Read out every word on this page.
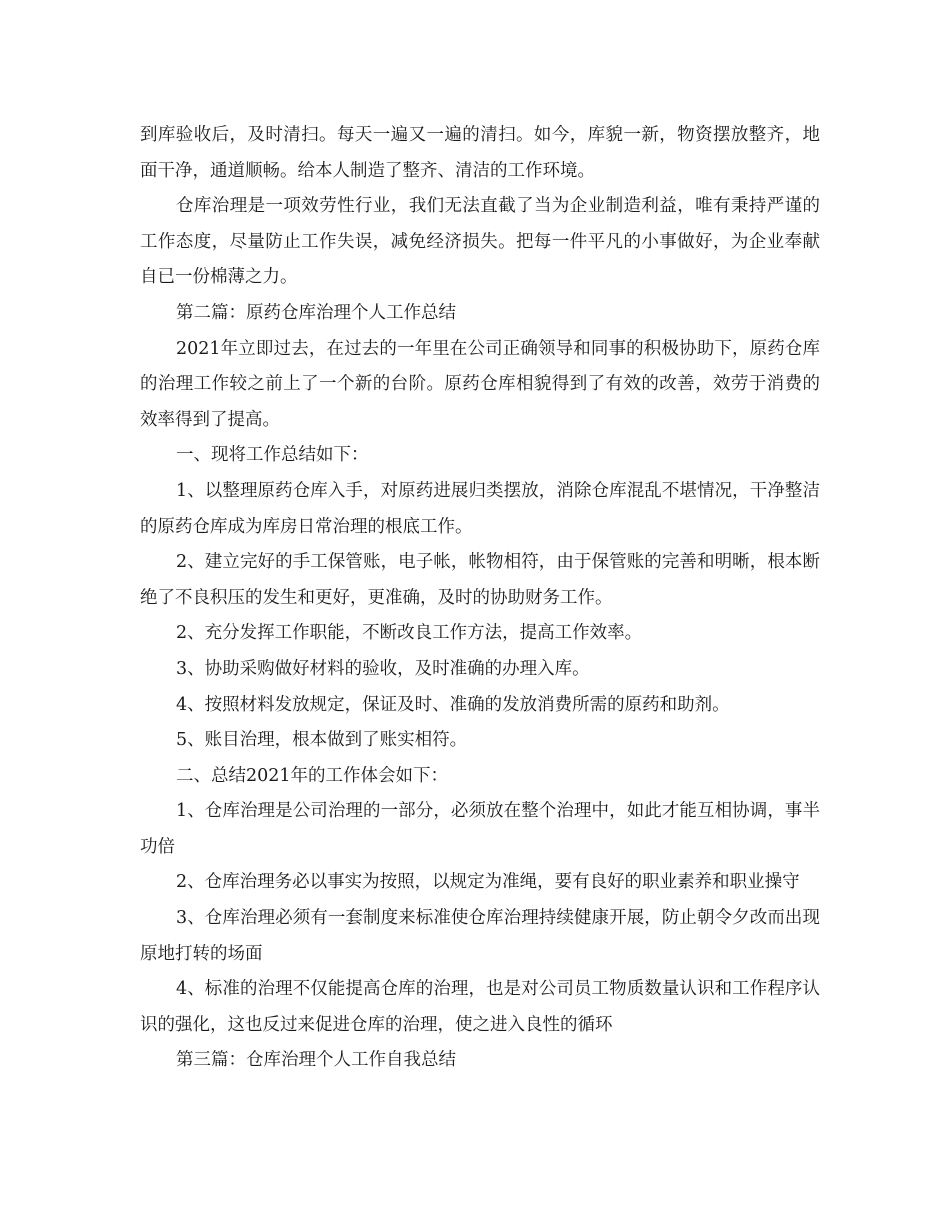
到库验收后，及时清扫。每天一遍又一遍的清扫。如今，库貌一新，物资摆放整齐，地面干净，通道顺畅。给本人制造了整齐、清洁的工作环境。

仓库治理是一项效劳性行业，我们无法直截了当为企业制造利益，唯有秉持严谨的工作态度，尽量防止工作失误，减免经济损失。把每一件平凡的小事做好，为企业奉献自已一份棉薄之力。

第二篇：原药仓库治理个人工作总结

2021年立即过去，在过去的一年里在公司正确领导和同事的积极协助下，原药仓库的治理工作较之前上了一个新的台阶。原药仓库相貌得到了有效的改善，效劳于消费的效率得到了提高。

一、现将工作总结如下：

1、以整理原药仓库入手，对原药进展归类摆放，消除仓库混乱不堪情况，干净整洁的原药仓库成为库房日常治理的根底工作。

2、建立完好的手工保管账，电子帐，帐物相符，由于保管账的完善和明晰，根本断绝了不良积压的发生和更好，更准确，及时的协助财务工作。

2、充分发挥工作职能，不断改良工作方法，提高工作效率。

3、协助采购做好材料的验收，及时准确的办理入库。

4、按照材料发放规定，保证及时、准确的发放消费所需的原药和助剂。

5、账目治理，根本做到了账实相符。

二、总结2021年的工作体会如下：

1、仓库治理是公司治理的一部分，必须放在整个治理中，如此才能互相协调，事半功倍

2、仓库治理务必以事实为按照，以规定为准绳，要有良好的职业素养和职业操守

3、仓库治理必须有一套制度来标准使仓库治理持续健康开展，防止朝令夕改而出现原地打转的场面

4、标准的治理不仅能提高仓库的治理，也是对公司员工物质数量认识和工作程序认识的强化，这也反过来促进仓库的治理，使之进入良性的循环

第三篇：仓库治理个人工作自我总结
